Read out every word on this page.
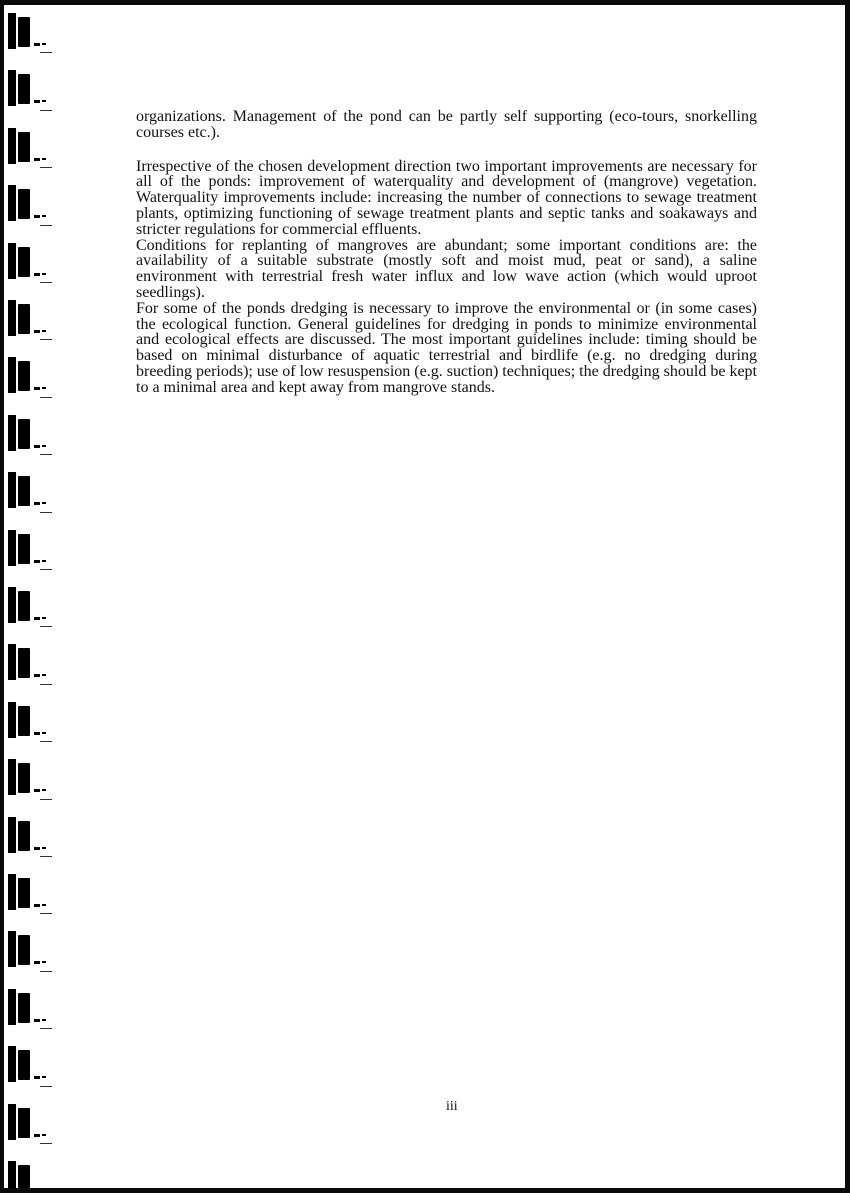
organizations. Management of the pond can be partly self supporting (eco-tours, snorkelling courses etc.).

Irrespective of the chosen development direction two important improvements are necessary for all of the ponds: improvement of waterquality and development of (mangrove) vegetation. Waterquality improvements include: increasing the number of connections to sewage treatment plants, optimizing functioning of sewage treatment plants and septic tanks and soakaways and stricter regulations for commercial effluents.

Conditions for replanting of mangroves are abundant; some important conditions are: the availability of a suitable substrate (mostly soft and moist mud, peat or sand), a saline environment with terrestrial fresh water influx and low wave action (which would uproot seedlings).

For some of the ponds dredging is necessary to improve the environmental or (in some cases) the ecological function. General guidelines for dredging in ponds to minimize environmental and ecological effects are discussed. The most important guidelines include: timing should be based on minimal disturbance of aquatic terrestrial and birdlife (e.g. no dredging during breeding periods); use of low resuspension (e.g. suction) techniques; the dredging should be kept to a minimal area and kept away from mangrove stands.

iii
